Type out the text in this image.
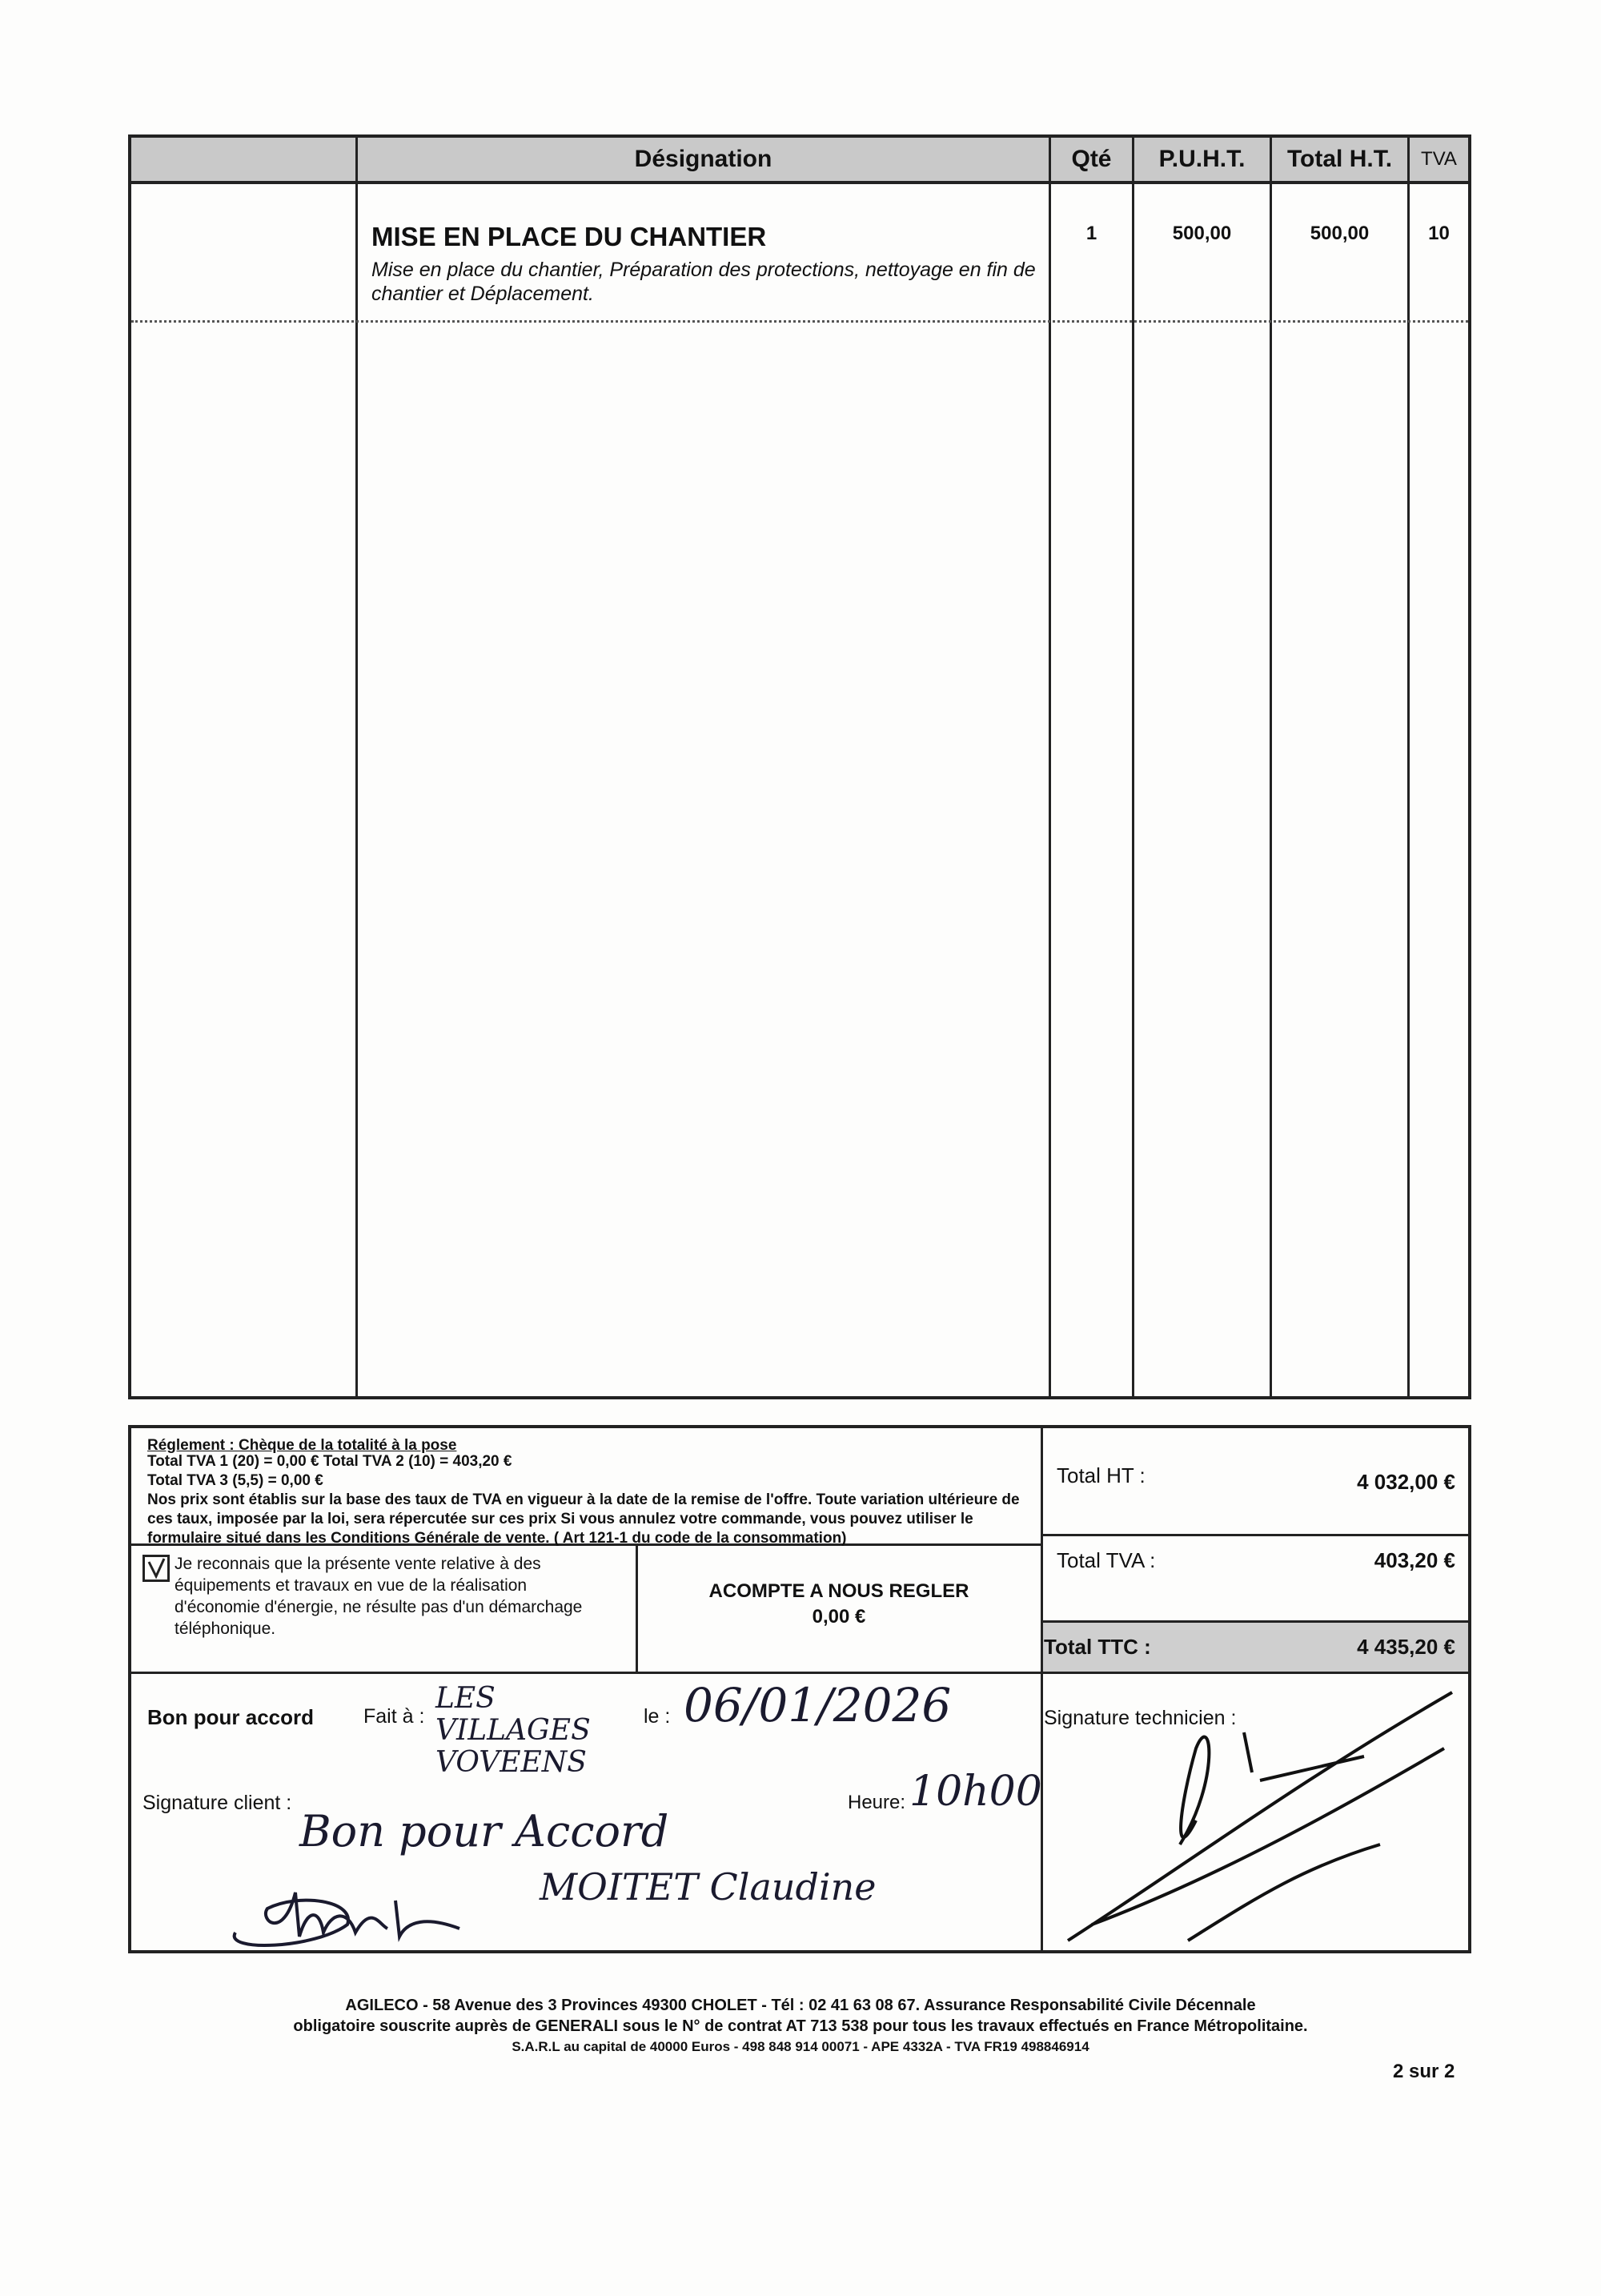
Désignation	Qté	P.U.H.T.	Total H.T.	TVA
MISE EN PLACE DU CHANTIER
Mise en place du chantier, Préparation des protections, nettoyage en fin de chantier et Déplacement.
1	500,00	500,00	10
Réglement : Chèque de la totalité à la pose
Total TVA 1 (20) = 0,00 € Total TVA 2 (10) = 403,20 €
Total TVA 3 (5,5) = 0,00 €
Nos prix sont établis sur la base des taux de TVA en vigueur à la date de la remise de l'offre. Toute variation ultérieure de ces taux, imposée par la loi, sera répercutée sur ces prix Si vous annulez votre commande, vous pouvez utiliser le formulaire situé dans les Conditions Générale de vente. ( Art 121-1 du code de la consommation)
Je reconnais que la présente vente relative à des équipements et travaux en vue de la réalisation d'économie d'énergie, ne résulte pas d'un démarchage téléphonique.
ACOMPTE A NOUS REGLER
0,00 €
Total HT :	4 032,00 €
Total TVA :	403,20 €
Total TTC :	4 435,20 €
Bon pour accord Fait à :
LES VILLAGES VOVEENS
le : 06/01/2026
Signature client :	Heure: 10h00
Bon pour Accord
MOITET Claudine
Signature technicien :
AGILECO - 58 Avenue des 3 Provinces 49300 CHOLET - Tél : 02 41 63 08 67. Assurance Responsabilité Civile Décennale
obligatoire souscrite auprès de GENERALI sous le N° de contrat AT 713 538 pour tous les travaux effectués en France Métropolitaine.
S.A.R.L au capital de 40000 Euros - 498 848 914 00071 - APE 4332A - TVA FR19 498846914
2 sur 2
